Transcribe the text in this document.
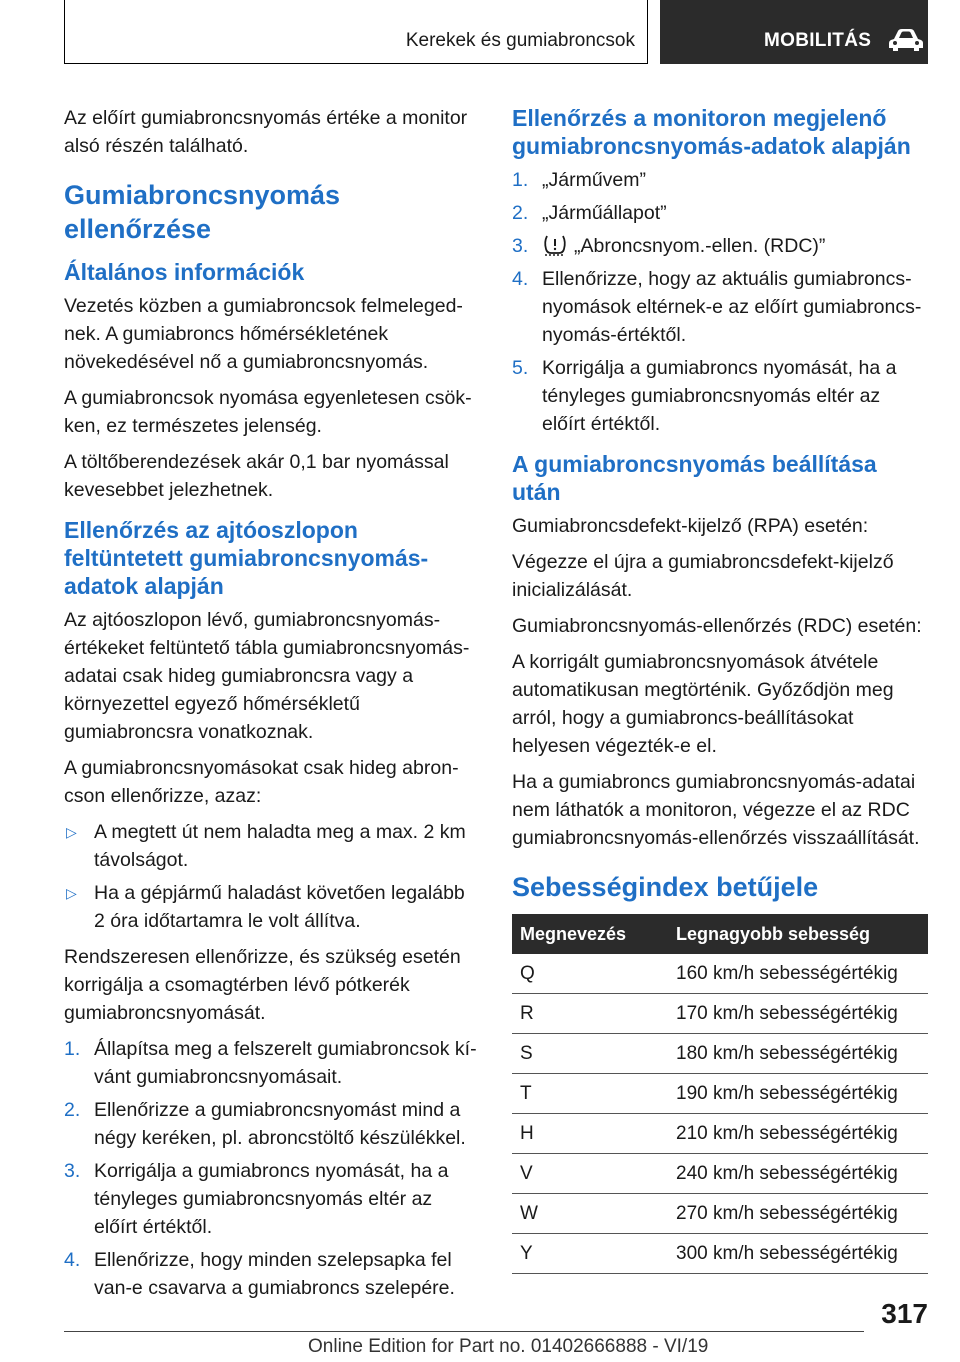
Kerekek és gumiabroncsok	MOBILITÁS

Az előírt gumiabroncsnyomás értéke a monitor alsó részén található.

Gumiabroncsnyomás ellenőrzése
Általános információk

Vezetés közben a gumiabroncsok felmelegednek. A gumiabroncs hőmérsékletének növekedésével nő a gumiabroncsnyomás.

A gumiabroncsok nyomása egyenletesen csökken, ez természetes jelenség.

A töltőberendezések akár 0,1 bar nyomással kevesebbet jelezhetnek.

Ellenőrzés az ajtóoszlopon feltüntetett gumiabroncsnyomás-adatok alapján

Az ajtóoszlopon lévő, gumiabroncsnyomás-értékeket feltüntető tábla gumiabroncsnyomás-adatai csak hideg gumiabroncsra vagy a környezettel egyező hőmérsékletű gumiabroncsra vonatkoznak.

A gumiabroncsnyomásokat csak hideg abroncson ellenőrizze, azaz:

▷ A megtett út nem haladta meg a max. 2 km távolságot.
▷ Ha a gépjármű haladást követően legalább 2 óra időtartamra le volt állítva.

Rendszeresen ellenőrizze, és szükség esetén korrigálja a csomagtérben lévő pótkerék gumiabroncsnyomását.

1. Állapítsa meg a felszerelt gumiabroncsok kívánt gumiabroncsnyomásait.
2. Ellenőrizze a gumiabroncsnyomást mind a négy keréken, pl. abroncstöltő készülékkel.
3. Korrigálja a gumiabroncs nyomását, ha a tényleges gumiabroncsnyomás eltér az előírt értéktől.
4. Ellenőrizze, hogy minden szelepsapka fel van-e csavarva a gumiabroncs szelepére.
Ellenőrzés a monitoron megjelenő gumiabroncsnyomás-adatok alapján
1. „Járművem”
2. „Járműállapot”
3. „Abroncsnyom.-ellen. (RDC)”
4. Ellenőrizze, hogy az aktuális gumiabroncsnyomások eltérnek-e az előírt gumiabroncsnyomás-értéktől.
5. Korrigálja a gumiabroncs nyomását, ha a tényleges gumiabroncsnyomás eltér az előírt értéktől.
A gumiabroncsnyomás beállítása után

Gumiabroncsdefekt-kijelző (RPA) esetén:

Végezze el újra a gumiabroncsdefekt-kijelző inicializálását.

Gumiabroncsnyomás-ellenőrzés (RDC) esetén:

A korrigált gumiabroncsnyomások átvétele automatikusan megtörténik. Győződjön meg arról, hogy a gumiabroncs-beállításokat helyesen végezték-e el.

Ha a gumiabroncs gumiabroncsnyomás-adatai nem láthatók a monitoron, végezze el az RDC gumiabroncsnyomás-ellenőrzés visszaállítását.

Sebességindex betűjele
Megnevezés	Legnagyobb sebesség
Q	160 km/h sebességértékig
R	170 km/h sebességértékig
S	180 km/h sebességértékig
T	190 km/h sebességértékig
H	210 km/h sebességértékig
V	240 km/h sebességértékig
W	270 km/h sebességértékig
Y	300 km/h sebességértékig
317
Online Edition for Part no. 01402666888 - VI/19
